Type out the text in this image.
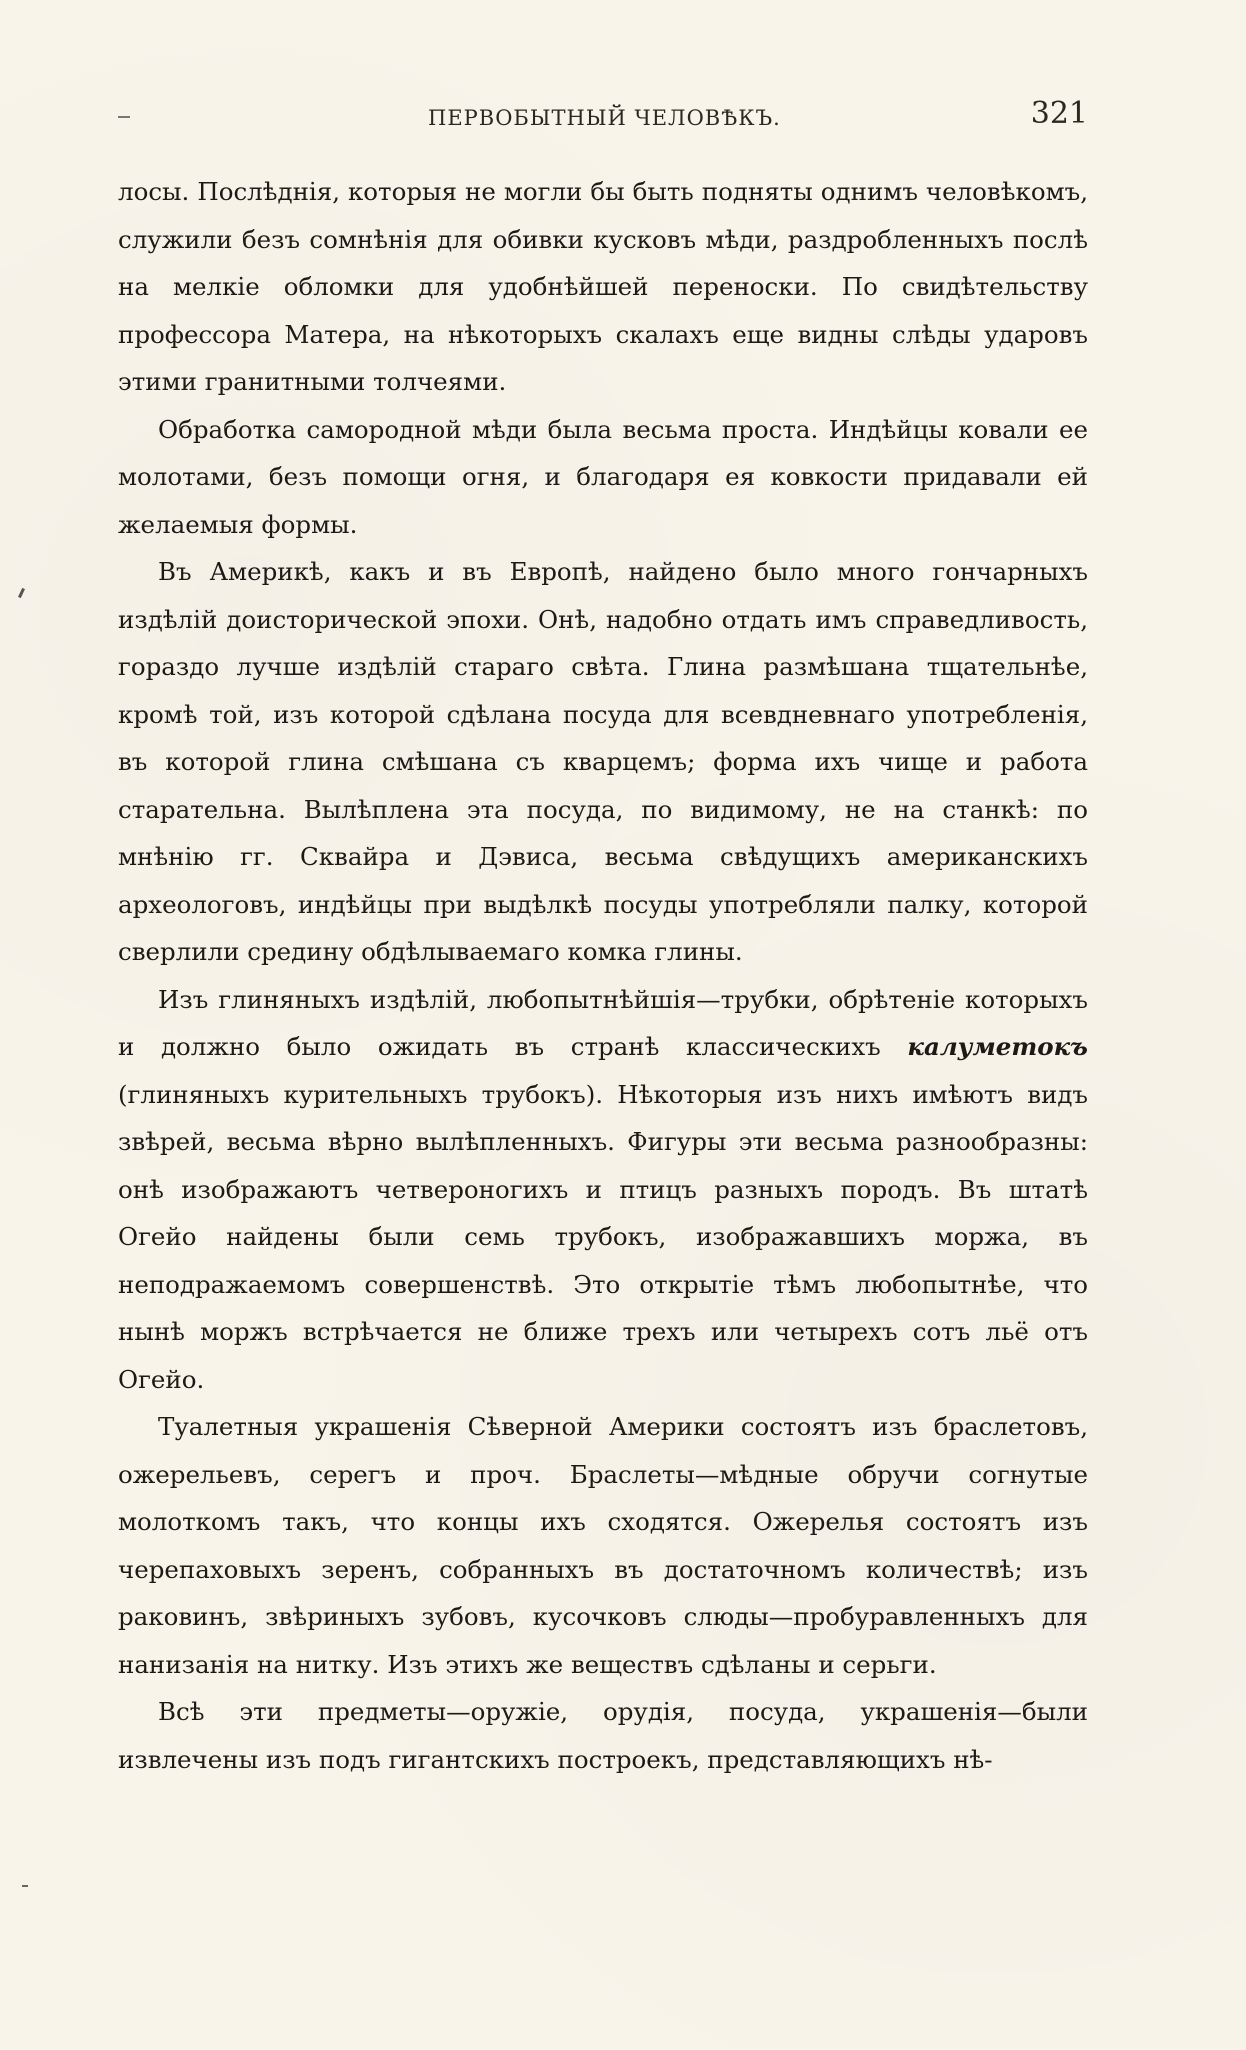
ПЕРВОБЫТНЫЙ ЧЕЛОВѢКЪ.	321

лосы. Послѣднія, которыя не могли бы быть подняты однимъ человѣкомъ, служили безъ сомнѣнія для обивки кусковъ мѣди, раздробленныхъ послѣ на мелкіе обломки для удобнѣйшей переноски. По свидѣтельству профессора Матера, на нѣкоторыхъ скалахъ еще видны слѣды ударовъ этими гранитными толчеями.

Обработка самородной мѣди была весьма проста. Индѣйцы ковали ее молотами, безъ помощи огня, и благодаря ея ковкости придавали ей желаемыя формы.

Въ Америкѣ, какъ и въ Европѣ, найдено было много гончарныхъ издѣлій доисторической эпохи. Онѣ, надобно отдать имъ справедливость, гораздо лучше издѣлій стараго свѣта. Глина размѣшана тщательнѣе, кромѣ той, изъ которой сдѣлана посуда для всевдневнаго употребленія, въ которой глина смѣшана съ кварцемъ; форма ихъ чище и работа старательна. Вылѣплена эта посуда, по видимому, не на станкѣ: по мнѣнію гг. Сквайра и Дэвиса, весьма свѣдущихъ американскихъ археологовъ, индѣйцы при выдѣлкѣ посуды употребляли палку, которой сверлили средину обдѣлываемаго комка глины.

Изъ глиняныхъ издѣлій, любопытнѣйшія—трубки, обрѣтеніе которыхъ и должно было ожидать въ странѣ классическихъ калуметокъ (глиняныхъ курительныхъ трубокъ). Нѣкоторыя изъ нихъ имѣютъ видъ звѣрей, весьма вѣрно вылѣпленныхъ. Фигуры эти весьма разнообразны: онѣ изображаютъ четвероногихъ и птицъ разныхъ породъ. Въ штатѣ Огейо найдены были семь трубокъ, изображавшихъ моржа, въ неподражаемомъ совершенствѣ. Это открытіе тѣмъ любопытнѣе, что нынѣ моржъ встрѣчается не ближе трехъ или четырехъ сотъ льё отъ Огейо.

Туалетныя украшенія Сѣверной Америки состоятъ изъ браслетовъ, ожерельевъ, серегъ и проч. Браслеты—мѣдные обручи согнутые молоткомъ такъ, что концы ихъ сходятся. Ожерелья состоятъ изъ черепаховыхъ зеренъ, собранныхъ въ достаточномъ количествѣ; изъ раковинъ, звѣриныхъ зубовъ, кусочковъ слюды—пробуравленныхъ для нанизанія на нитку. Изъ этихъ же веществъ сдѣланы и серьги.

Всѣ эти предметы—оружіе, орудія, посуда, украшенія—были извлечены изъ подъ гигантскихъ построекъ, представляющихъ нѣ-
